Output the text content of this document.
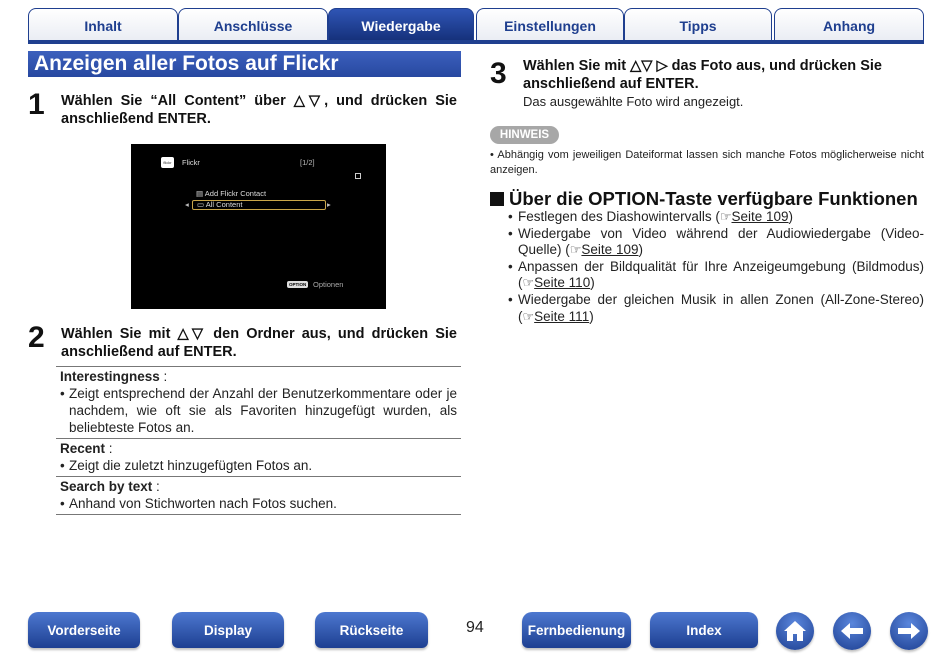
Inhalt	Anschlüsse	Wiedergabe	Einstellungen	Tipps	Anhang
Anzeigen aller Fotos auf Flickr
1 Wählen Sie “All Content” über △▽, und drücken Sie anschließend ENTER.
flickr	Flickr	[1/2]
▤ Add Flickr Contact
◂	▭ All Content	▸
OPTION Optionen
2 Wählen Sie mit △▽ den Ordner aus, und drücken Sie anschließend auf ENTER.
Interestingness :
• Zeigt entsprechend der Anzahl der Benutzerkommentare oder je nachdem, wie oft sie als Favoriten hinzugefügt wurden, als beliebteste Fotos an.
Recent :
• Zeigt die zuletzt hinzugefügten Fotos an.
Search by text :
• Anhand von Stichworten nach Fotos suchen.
3 Wählen Sie mit △▽ ▷ das Foto aus, und drücken Sie anschließend auf ENTER.
Das ausgewählte Foto wird angezeigt.
HINWEIS
• Abhängig vom jeweiligen Dateiformat lassen sich manche Fotos möglicherweise nicht anzeigen.
Über die OPTION-Taste verfügbare Funktionen
• Festlegen des Diashowintervalls (☞Seite 109)
• Wiedergabe von Video während der Audiowiedergabe (Video-Quelle) (☞Seite 109)
• Anpassen der Bildqualität für Ihre Anzeigeumgebung (Bildmodus) (☞Seite 110)
• Wiedergabe der gleichen Musik in allen Zonen (All-Zone-Stereo) (☞Seite 111)
Vorderseite	Display	Rückseite	94	Fernbedienung	Index
